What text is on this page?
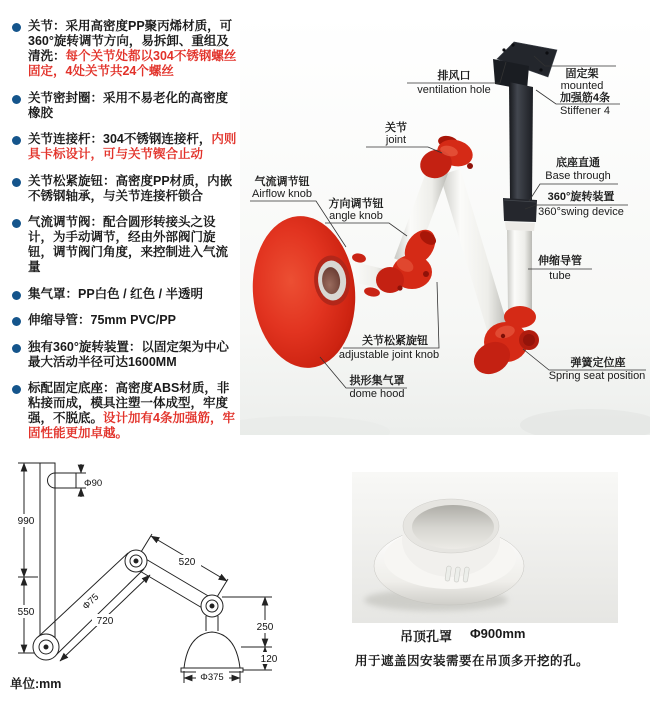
关节：采用高密度PP聚丙烯材质，可360°旋转调节方向，易拆卸、重组及清洗：每个关节处都以304不锈钢螺丝固定，4处关节共24个螺丝
关节密封圈：采用不易老化的高密度橡胶
关节连接杆：304不锈钢连接杆，内则具卡标设计，可与关节锲合止动
关节松紧旋钮：高密度PP材质，内嵌不锈钢轴承，与关节连接杆锁合
气流调节阀：配合圆形转接头之设计，为手动调节，经由外部阀门旋钮，调节阀门角度，来控制进入气流量
集气罩：PP白色 / 红色 / 半透明
伸缩导管：75mm PVC/PP
独有360°旋转装置：以固定架为中心最大活动半径可达1600MM
标配固定底座：高密度ABS材质，非粘接而成，模具注塑一体成型，牢度强，不脱底。设计加有4条加强筋，牢固性能更加卓越。
排风口
ventilation hole
固定架
mounted
加强筋4条
Stiffener 4
关节
joint
气流调节钮
Airflow knob
方向调节钮
angle knob
底座直通
Base through
360°旋转装置
360°swing device
伸缩导管
tube
关节松紧旋钮
adjustable joint knob
拱形集气罩
dome hood
弹簧定位座
Spring seat position
990
550
Φ90
Φ75
720
520
250
120
Φ375
单位:mm
吊顶孔罩 Φ900mm
用于遮盖因安装需要在吊顶多开挖的孔。
